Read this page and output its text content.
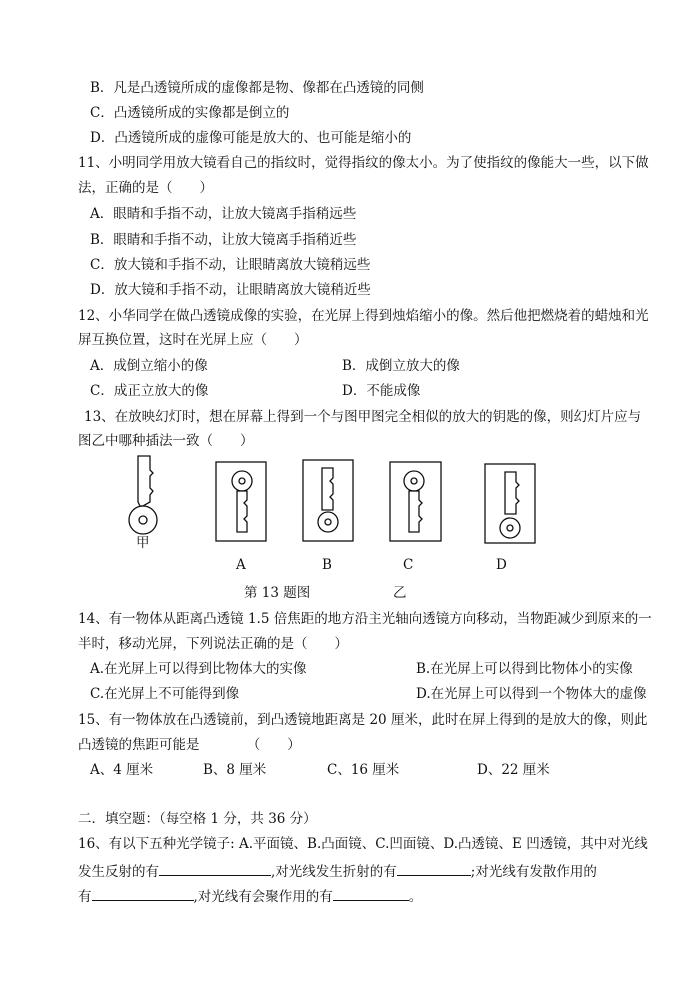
B．凡是凸透镜所成的虚像都是物、像都在凸透镜的同侧
C．凸透镜所成的实像都是倒立的
D．凸透镜所成的虚像可能是放大的、也可能是缩小的
11、小明同学用放大镜看自己的指纹时，觉得指纹的像太小。为了使指纹的像能大一些，以下做
法，正确的是（　　）
A．眼睛和手指不动，让放大镜离手指稍远些
B．眼睛和手指不动，让放大镜离手指稍近些
C．放大镜和手指不动，让眼睛离放大镜稍远些
D．放大镜和手指不动，让眼睛离放大镜稍近些
12、小华同学在做凸透镜成像的实验，在光屏上得到烛焰缩小的像。然后他把燃烧着的蜡烛和光
屏互换位置，这时在光屏上应（　　）
A．成倒立缩小的像	B．成倒立放大的像
C．成正立放大的像	D．不能成像
13、在放映幻灯时，想在屏幕上得到一个与图甲图完全相似的放大的钥匙的像，则幻灯片应与
图乙中哪种插法一致（　　）
甲
A	B	C	D
第 13 题图	乙
14、有一物体从距离凸透镜 1.5 倍焦距的地方沿主光轴向透镜方向移动，当物距减少到原来的一
半时，移动光屏，下列说法正确的是（　　）
A.在光屏上可以得到比物体大的实像	B.在光屏上可以得到比物体小的实像
C.在光屏上不可能得到像	D.在光屏上可以得到一个物体大的虚像
15、有一物体放在凸透镜前，到凸透镜地距离是 20 厘米，此时在屏上得到的是放大的像，则此
凸透镜的焦距可能是　　　　（　　）
A、4 厘米	B、8 厘米	C、16 厘米	D、22 厘米
二．填空题：（每空格 1 分，共 36 分）
16、有以下五种光学镜子: A.平面镜、B.凸面镜、C.凹面镜、D.凸透镜、E 凹透镜，其中对光线
发生反射的有	,对光线发生折射的有	;对光线有发散作用的
有	,对光线有会聚作用的有	。
